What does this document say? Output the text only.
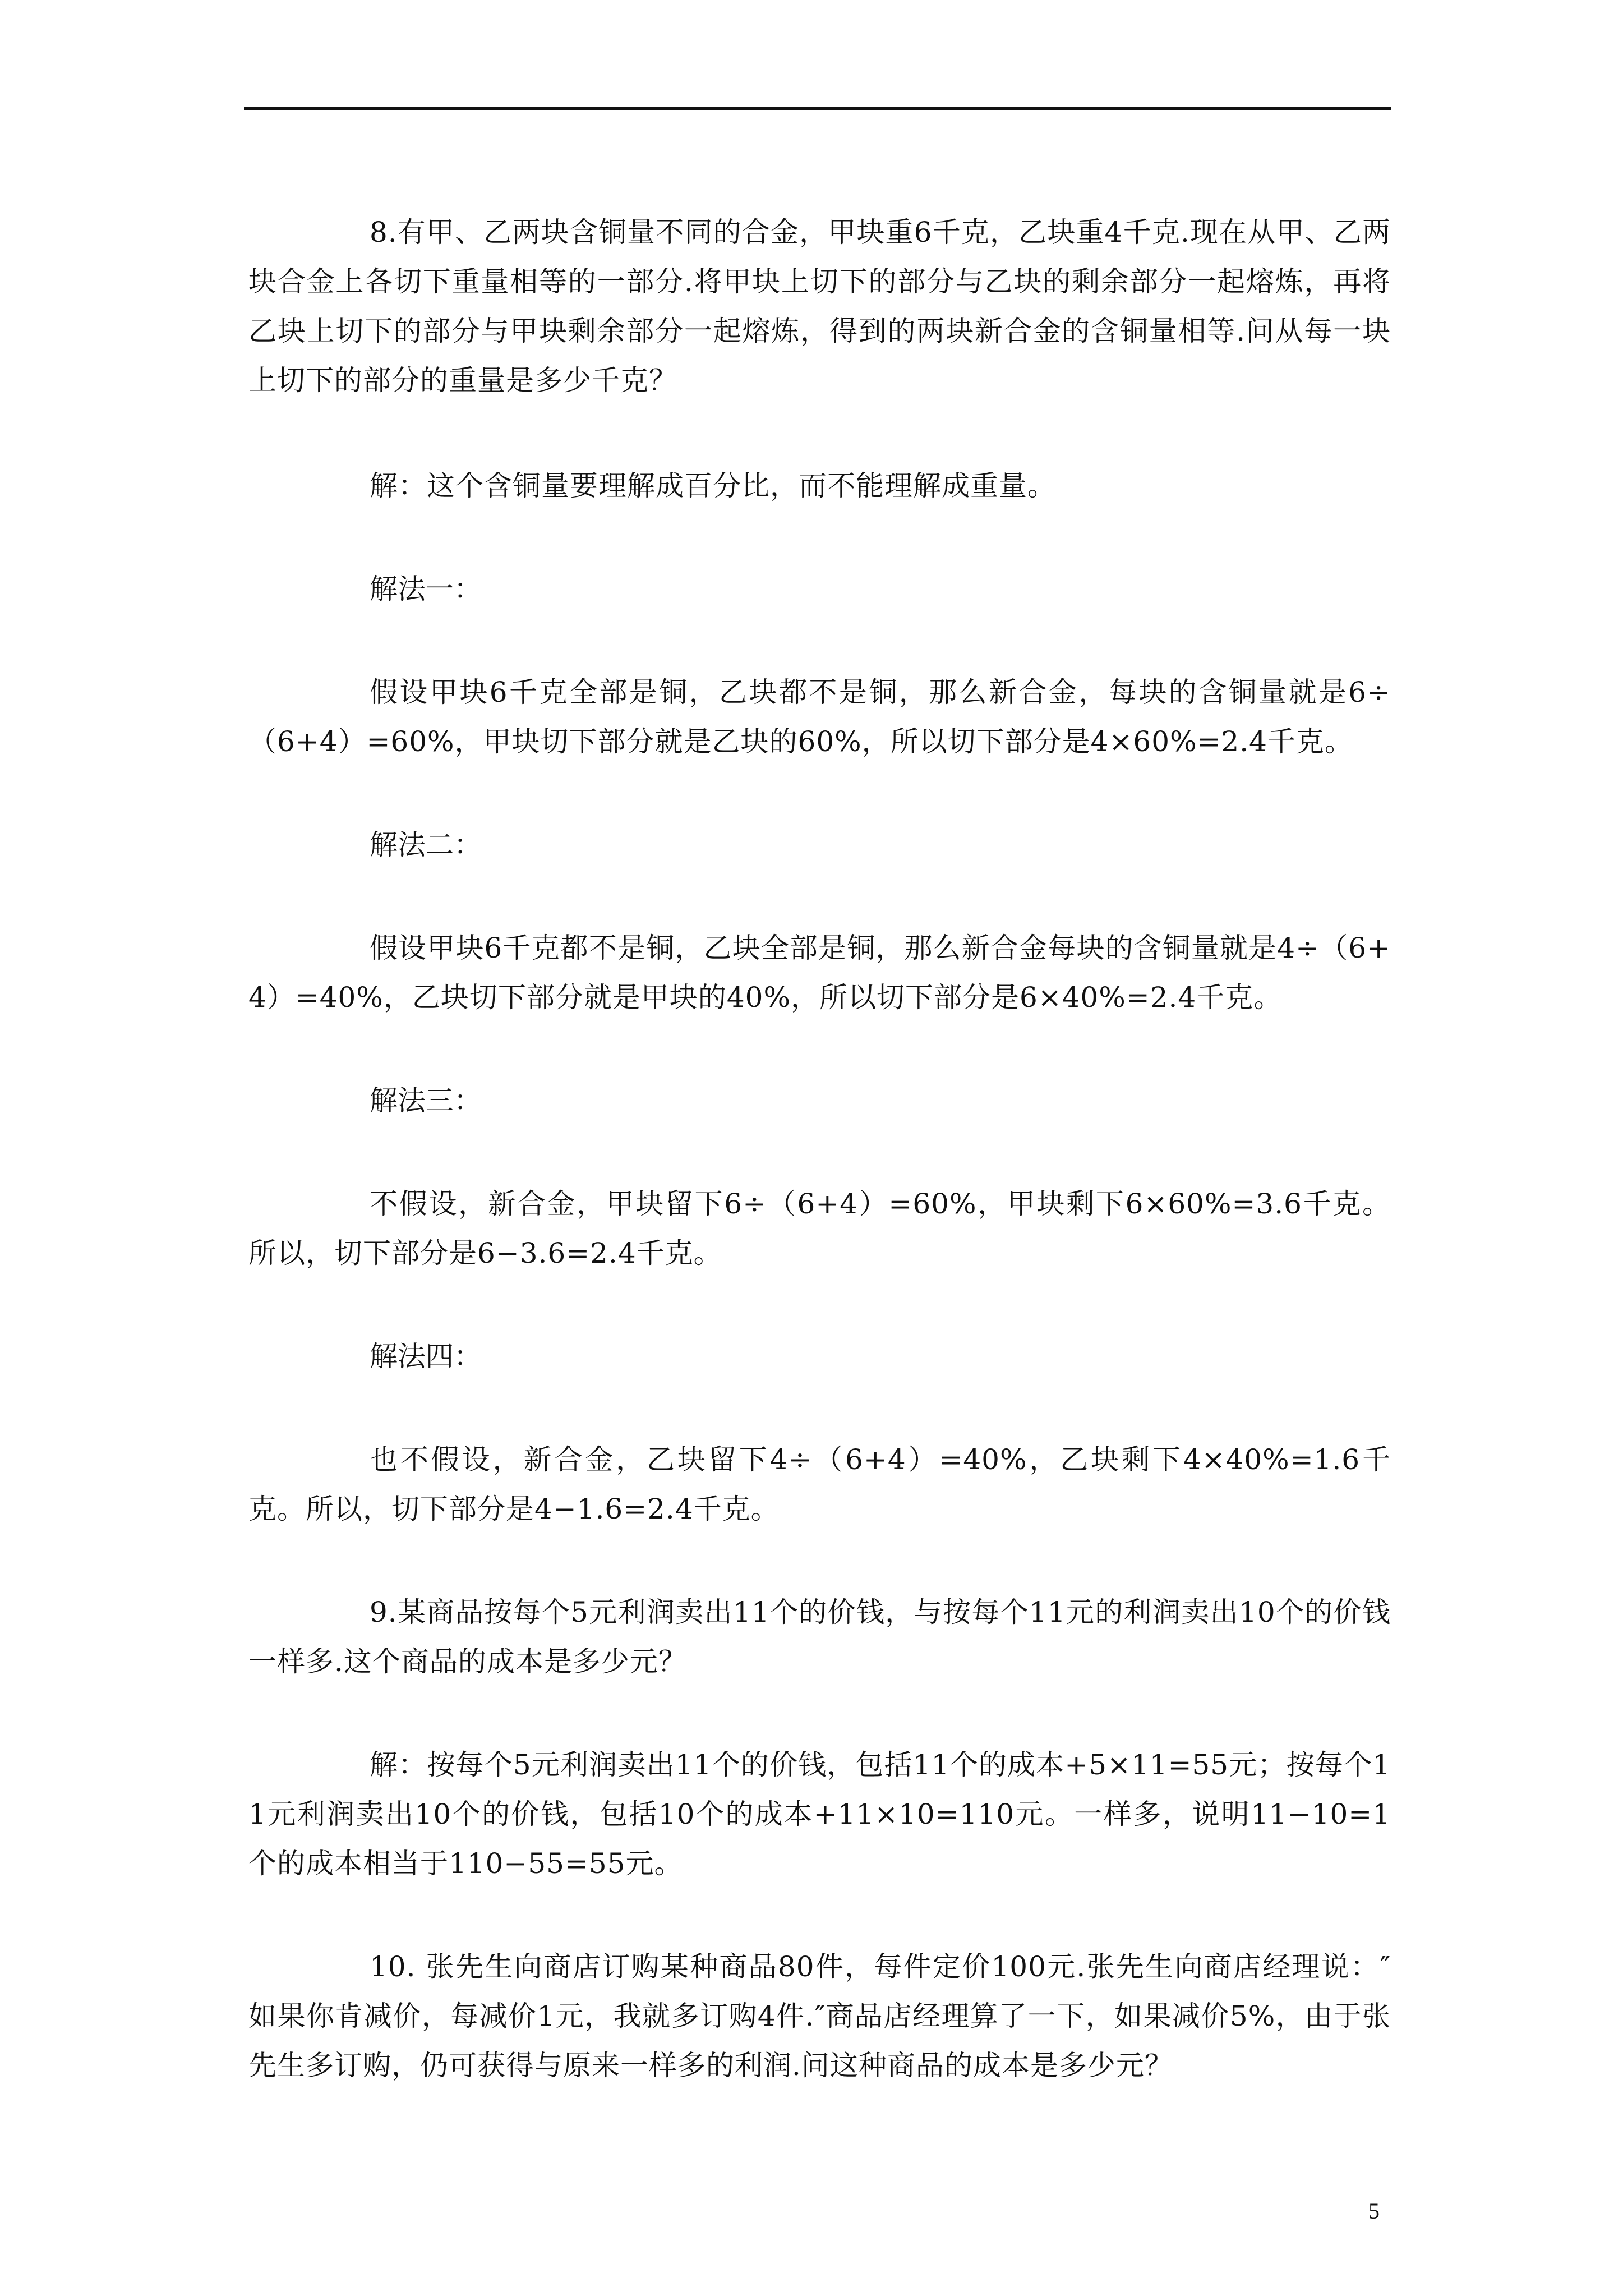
8.有甲、乙两块含铜量不同的合金，甲块重6千克，乙块重4千克.现在从甲、乙两块合金上各切下重量相等的一部分.将甲块上切下的部分与乙块的剩余部分一起熔炼，再将乙块上切下的部分与甲块剩余部分一起熔炼，得到的两块新合金的含铜量相等.问从每一块上切下的部分的重量是多少千克？

解：这个含铜量要理解成百分比，而不能理解成重量。

解法一：

假设甲块6千克全部是铜，乙块都不是铜，那么新合金，每块的含铜量就是6÷（6+4）=60%，甲块切下部分就是乙块的60%，所以切下部分是4×60%=2.4千克。

解法二：

假设甲块6千克都不是铜，乙块全部是铜，那么新合金每块的含铜量就是4÷（6+4）=40%，乙块切下部分就是甲块的40%，所以切下部分是6×40%=2.4千克。

解法三：

不假设，新合金，甲块留下6÷（6+4）=60%，甲块剩下6×60%=3.6千克。所以，切下部分是6−3.6=2.4千克。

解法四：

也不假设，新合金，乙块留下4÷（6+4）=40%，乙块剩下4×40%=1.6千克。所以，切下部分是4−1.6=2.4千克。

9.某商品按每个5元利润卖出11个的价钱，与按每个11元的利润卖出10个的价钱一样多.这个商品的成本是多少元？

解：按每个5元利润卖出11个的价钱，包括11个的成本+5×11=55元；按每个11元利润卖出10个的价钱，包括10个的成本+11×10=110元。一样多，说明11−10=1个的成本相当于110−55=55元。

10. 张先生向商店订购某种商品80件，每件定价100元.张先生向商店经理说：″如果你肯减价，每减价1元，我就多订购4件.″商品店经理算了一下，如果减价5%，由于张先生多订购，仍可获得与原来一样多的利润.问这种商品的成本是多少元？

5
